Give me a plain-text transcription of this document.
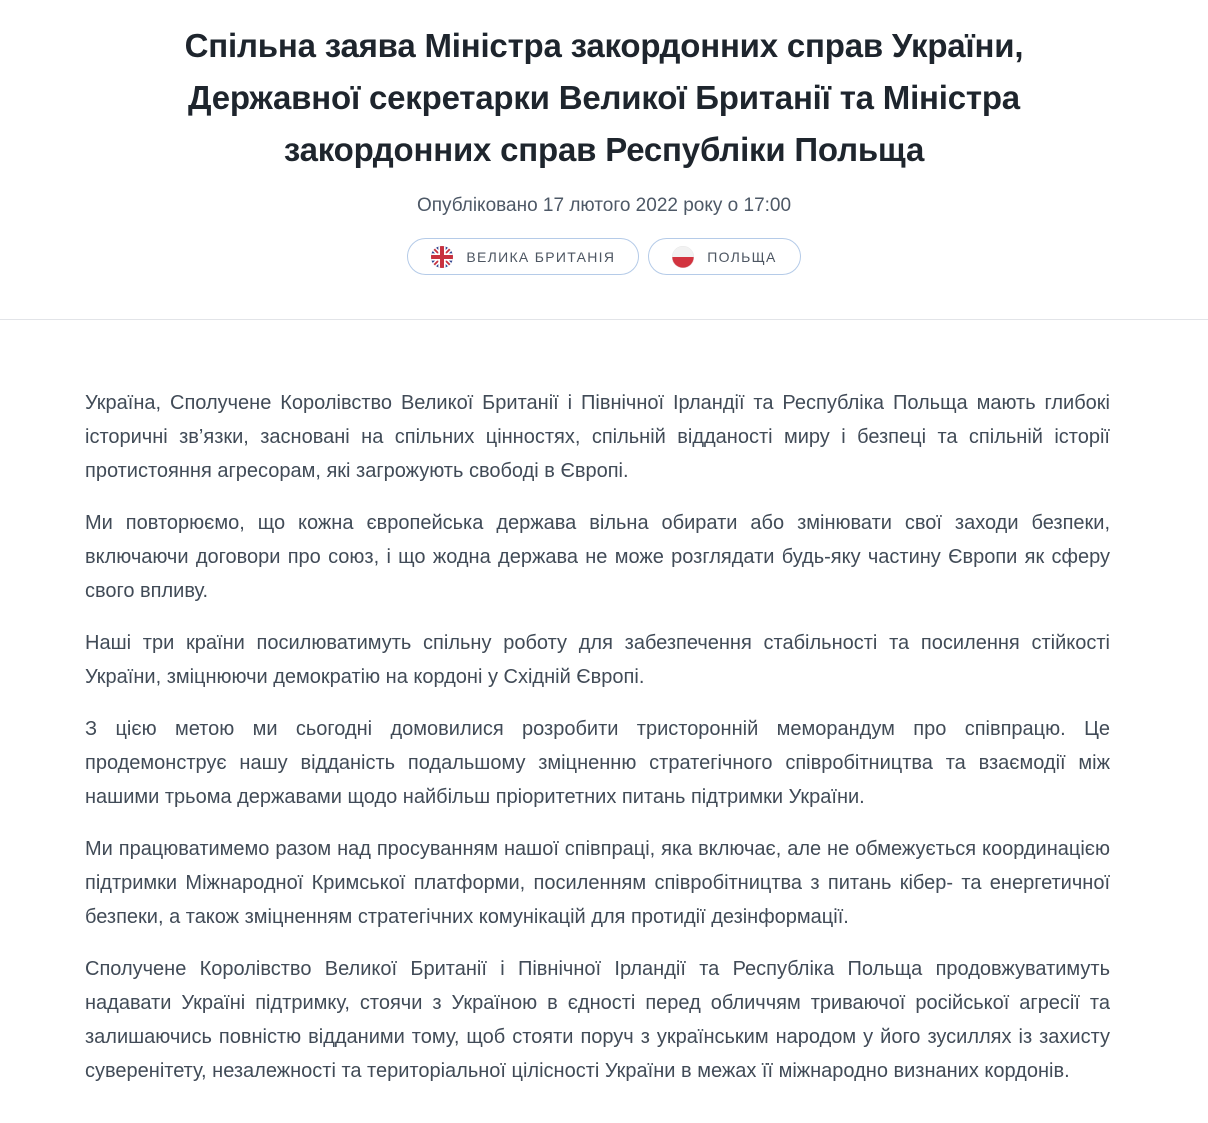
Спільна заява Міністра закордонних справ України, Державної секретарки Великої Британії та Міністра закордонних справ Республіки Польща
Опубліковано 17 лютого 2022 року о 17:00
ВЕЛИКА БРИТАНІЯ	ПОЛЬЩА

Україна, Сполучене Королівство Великої Британії і Північної Ірландії та Республіка Польща мають глибокі історичні зв’язки, засновані на спільних цінностях, спільній відданості миру і безпеці та спільній історії протистояння агресорам, які загрожують свободі в Європі.

Ми повторюємо, що кожна європейська держава вільна обирати або змінювати свої заходи безпеки, включаючи договори про союз, і що жодна держава не може розглядати будь-яку частину Європи як сферу свого впливу.

Наші три країни посилюватимуть спільну роботу для забезпечення стабільності та посилення стійкості України, зміцнюючи демократію на кордоні у Східній Європі.

З цією метою ми сьогодні домовилися розробити тристоронній меморандум про співпрацю. Це продемонструє нашу відданість подальшому зміцненню стратегічного співробітництва та взаємодії між нашими трьома державами щодо найбільш пріоритетних питань підтримки України.

Ми працюватимемо разом над просуванням нашої співпраці, яка включає, але не обмежується координацією підтримки Міжнародної Кримської платформи, посиленням співробітництва з питань кібер- та енергетичної безпеки, а також зміцненням стратегічних комунікацій для протидії дезінформації.

Сполучене Королівство Великої Британії і Північної Ірландії та Республіка Польща продовжуватимуть надавати Україні підтримку, стоячи з Україною в єдності перед обличчям триваючої російської агресії та залишаючись повністю відданими тому, щоб стояти поруч з українським народом у його зусиллях із захисту суверенітету, незалежності та територіальної цілісності України в межах її міжнародно визнаних кордонів.
